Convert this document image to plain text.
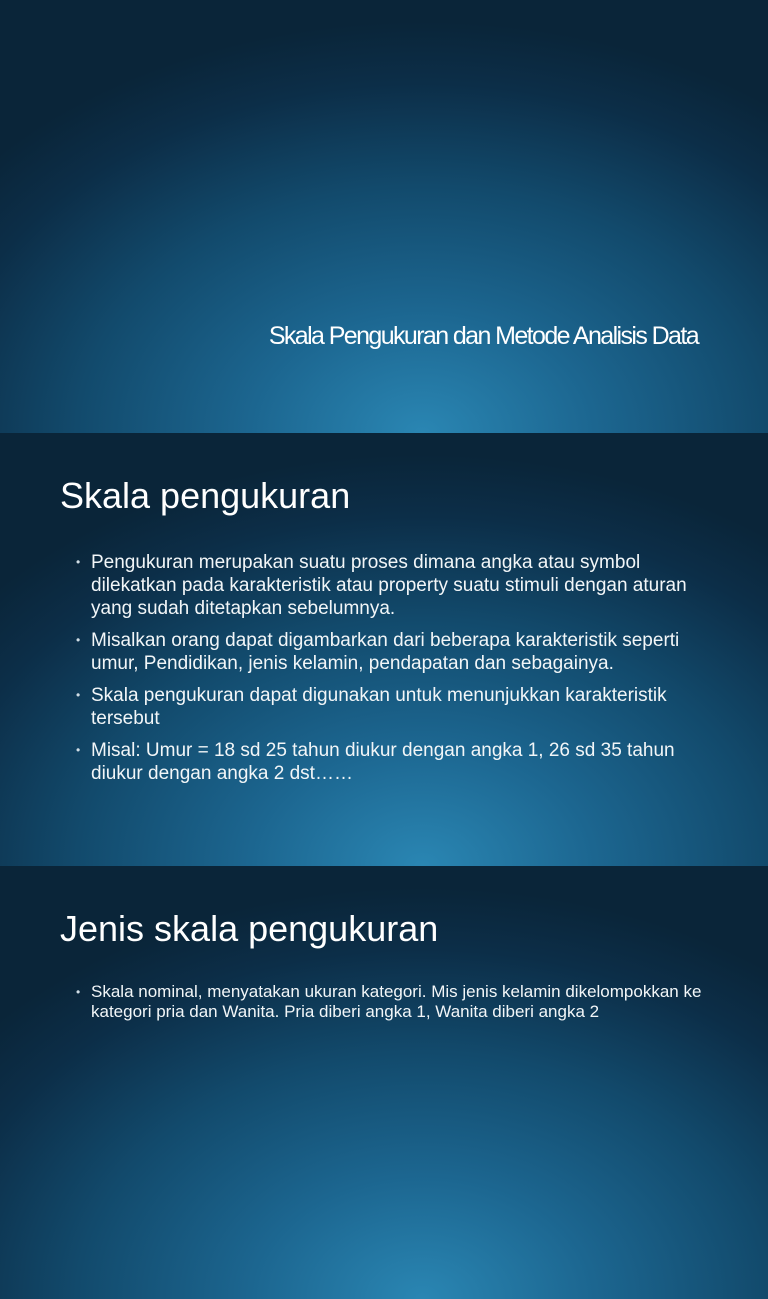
Skala Pengukuran dan Metode Analisis Data
Skala pengukuran
• Pengukuran merupakan suatu proses dimana angka atau symbol dilekatkan pada karakteristik atau property suatu stimuli dengan aturan yang sudah ditetapkan sebelumnya.
• Misalkan orang dapat digambarkan dari beberapa karakteristik seperti umur, Pendidikan, jenis kelamin, pendapatan dan sebagainya.
• Skala pengukuran dapat digunakan untuk menunjukkan karakteristik tersebut
• Misal: Umur = 18 sd 25 tahun diukur dengan angka 1, 26 sd 35 tahun diukur dengan angka 2 dst……
Jenis skala pengukuran
• Skala nominal, menyatakan ukuran kategori. Mis jenis kelamin dikelompokkan ke kategori pria dan Wanita. Pria diberi angka 1, Wanita diberi angka 2
